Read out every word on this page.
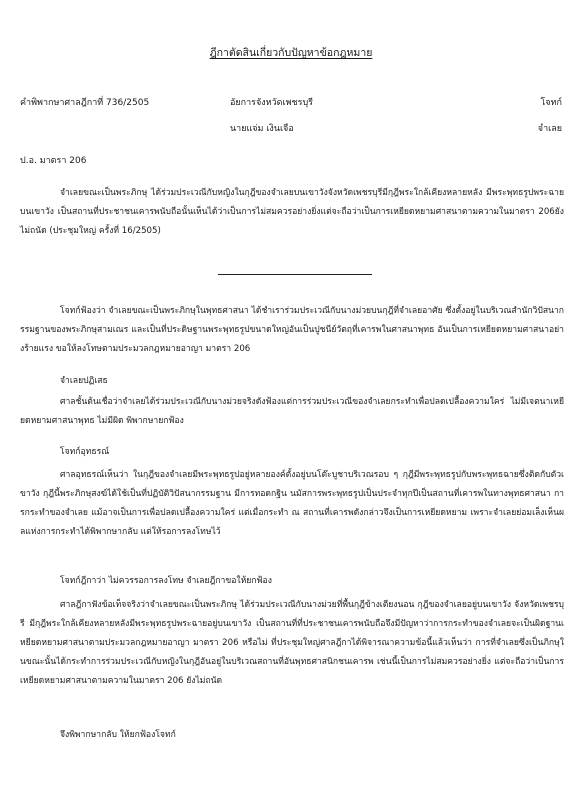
ฎีกาตัดสินเกี่ยวกับปัญหาข้อกฎหมาย
คำพิพากษาศาลฎีกาที่ 736/2505	อัยการจังหวัดเพชรบุรี	โจทก์
นายแจ่ม เงินเจือ	จำเลย
ป.อ. มาตรา 206

จำเลยขณะเป็นพระภิกษุ ได้ร่วมประเวณีกับหญิงในกุฎีของจำเลยบนเขาวังจังหวัดเพชรบุรีมีกุฎีพระใกล้เคียงหลายหลัง มีพระพุทธรูปพระฉายบนเขาวัง เป็นสถานที่ประชาชนเคารพนับถือนั้นเห็นได้ว่าเป็นการไม่สมควรอย่างยิ่งแต่จะถือว่าเป็นการเหยียดหยามศาสนาตามความในมาตรา 206ยังไม่ถนัด (ประชุมใหญ่ ครั้งที่ 16/2505)

โจทก์ฟ้องว่า จำเลยขณะเป็นพระภิกษุในพุทธศาสนา ได้ชำเราร่วมประเวณีกับนางม่วยบนกุฎีที่จำเลยอาศัย ซึ่งตั้งอยู่ในบริเวณสำนักวิปัสนากรรมฐานของพระภิกษุสามเณร และเป็นที่ประดิษฐานพระพุทธรูปขนาดใหญ่อันเป็นปูชนีย์วัตถุที่เคารพในศาสนาพุทธ อันเป็นการเหยียดหยามศาสนาอย่างร้ายแรง ขอให้ลงโทษตามประมวลกฎหมายอาญา มาตรา 206

จำเลยปฏิเสธ

ศาลชั้นต้นเชื่อว่าจำเลยได้ร่วมประเวณีกับนางม่วยจริงดังฟ้องแต่การร่วมประเวณีของจำเลยกระทำเพื่อปลดเปลื้องความใคร่ ไม่มีเจตนาเหยียดหยามศาสนาพุทธ ไม่มีผิด พิพากษายกฟ้อง

โจทก์อุทธรณ์

ศาลอุทธรณ์เห็นว่า ในกุฎีของจำเลยมีพระพุทธรูปอยู่หลายองค์ตั้งอยู่บนโต๊ะบูชาบริเวณรอบ ๆ กุฎีมีพระพุทธรูปกับพระพุทธฉายซึ่งติดกับตัวเขาวัง กุฎีนี้พระภิกษุสงฆ์ได้ใช้เป็นที่ปฏิบัติวิปัสนากรรมฐาน มีการทอดกฐิน นมัสการพระพุทธรูปเป็นประจำทุกปีเป็นสถานที่เคารพในทางพุทธศาสนา การกระทำของจำเลย แม้อาจเป็นการเพื่อปลดเปลื้องความใคร่ แต่เมื่อกระทำ ณ สถานที่เคารพดังกล่าวจึงเป็นการเหยียดหยาม เพราะจำเลยย่อมเล็งเห็นผลแห่งการกระทำได้พิพากษากลับ แต่ให้รอการลงโทษไว้

โจทก์ฎีกาว่า ไม่ควรรอการลงโทษ จำเลยฎีกาขอให้ยกฟ้อง

ศาลฎีกาฟังข้อเท็จจริงว่าจำเลยขณะเป็นพระภิกษุ ได้ร่วมประเวณีกับนางม่วยที่พื้นกุฎีข้างเตียงนอน กุฎีของจำเลยอยู่บนเขาวัง จังหวัดเพชรบุรี มีกุฎีพระใกล้เคียงหลายหลังมีพระพุทธรูปพระฉายอยู่บนเขาวัง เป็นสถานที่ที่ประชาชนเคารพนับถือจึงมีปัญหาว่าการกระทำของจำเลยจะเป็นผิดฐานเหยียดหยามศาสนาตามประมวลกฎหมายอาญา มาตรา 206 หรือไม่ ที่ประชุมใหญ่ศาลฎีกาได้พิจารณาความข้อนี้แล้วเห็นว่า การที่จำเลยซึ่งเป็นภิกษุในขณะนั้นได้กระทำการร่วมประเวณีกับหญิงในกุฎีอันอยู่ในบริเวณสถานที่อันพุทธศาสนิกชนเคารพ เช่นนี้เป็นการไม่สมควรอย่างยิ่ง แต่จะถือว่าเป็นการเหยียดหยามศาสนาตามความในมาตรา 206 ยังไม่ถนัด

จึงพิพากษากลับ ให้ยกฟ้องโจทก์
